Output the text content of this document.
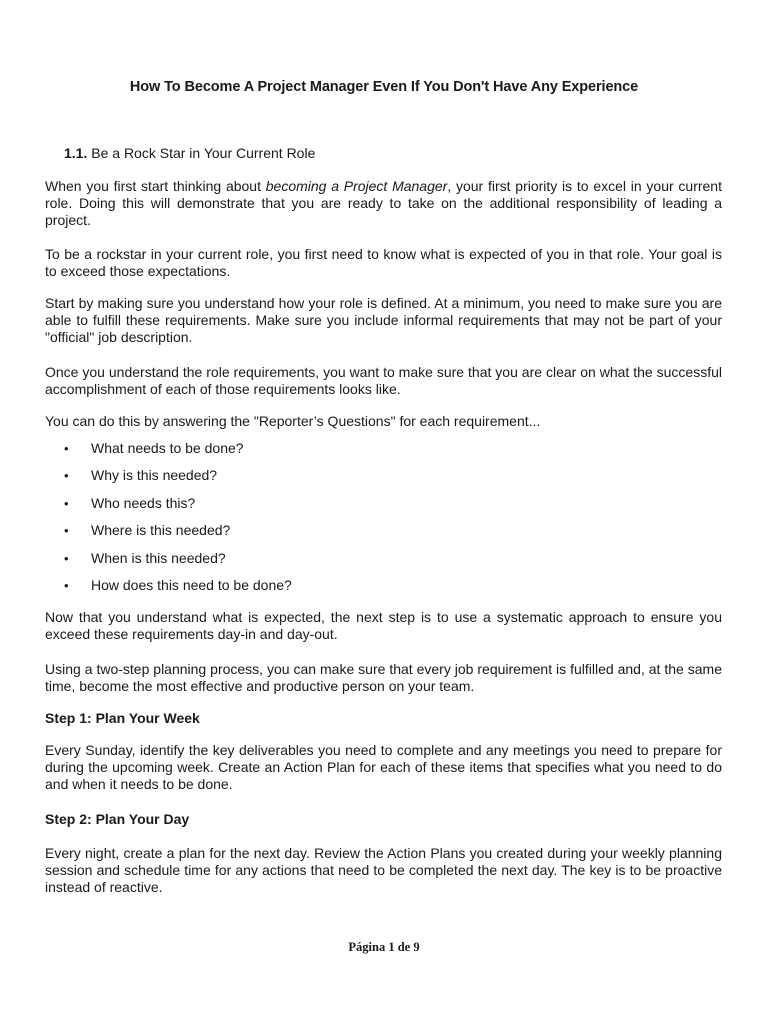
How To Become A Project Manager Even If You Don't Have Any Experience
1.1. Be a Rock Star in Your Current Role

When you first start thinking about becoming a Project Manager, your first priority is to excel in your current role. Doing this will demonstrate that you are ready to take on the additional responsibility of leading a project.

To be a rockstar in your current role, you first need to know what is expected of you in that role. Your goal is to exceed those expectations.

Start by making sure you understand how your role is defined. At a minimum, you need to make sure you are able to fulfill these requirements. Make sure you include informal requirements that may not be part of your "official" job description.

Once you understand the role requirements, you want to make sure that you are clear on what the successful accomplishment of each of those requirements looks like.

You can do this by answering the "Reporter’s Questions" for each requirement...

• What needs to be done?
• Why is this needed?
• Who needs this?
• Where is this needed?
• When is this needed?
• How does this need to be done?

Now that you understand what is expected, the next step is to use a systematic approach to ensure you exceed these requirements day-in and day-out.

Using a two-step planning process, you can make sure that every job requirement is fulfilled and, at the same time, become the most effective and productive person on your team.

Step 1: Plan Your Week

Every Sunday, identify the key deliverables you need to complete and any meetings you need to prepare for during the upcoming week. Create an Action Plan for each of these items that specifies what you need to do and when it needs to be done.

Step 2: Plan Your Day

Every night, create a plan for the next day. Review the Action Plans you created during your weekly planning session and schedule time for any actions that need to be completed the next day. The key is to be proactive instead of reactive.

Página 1 de 9
